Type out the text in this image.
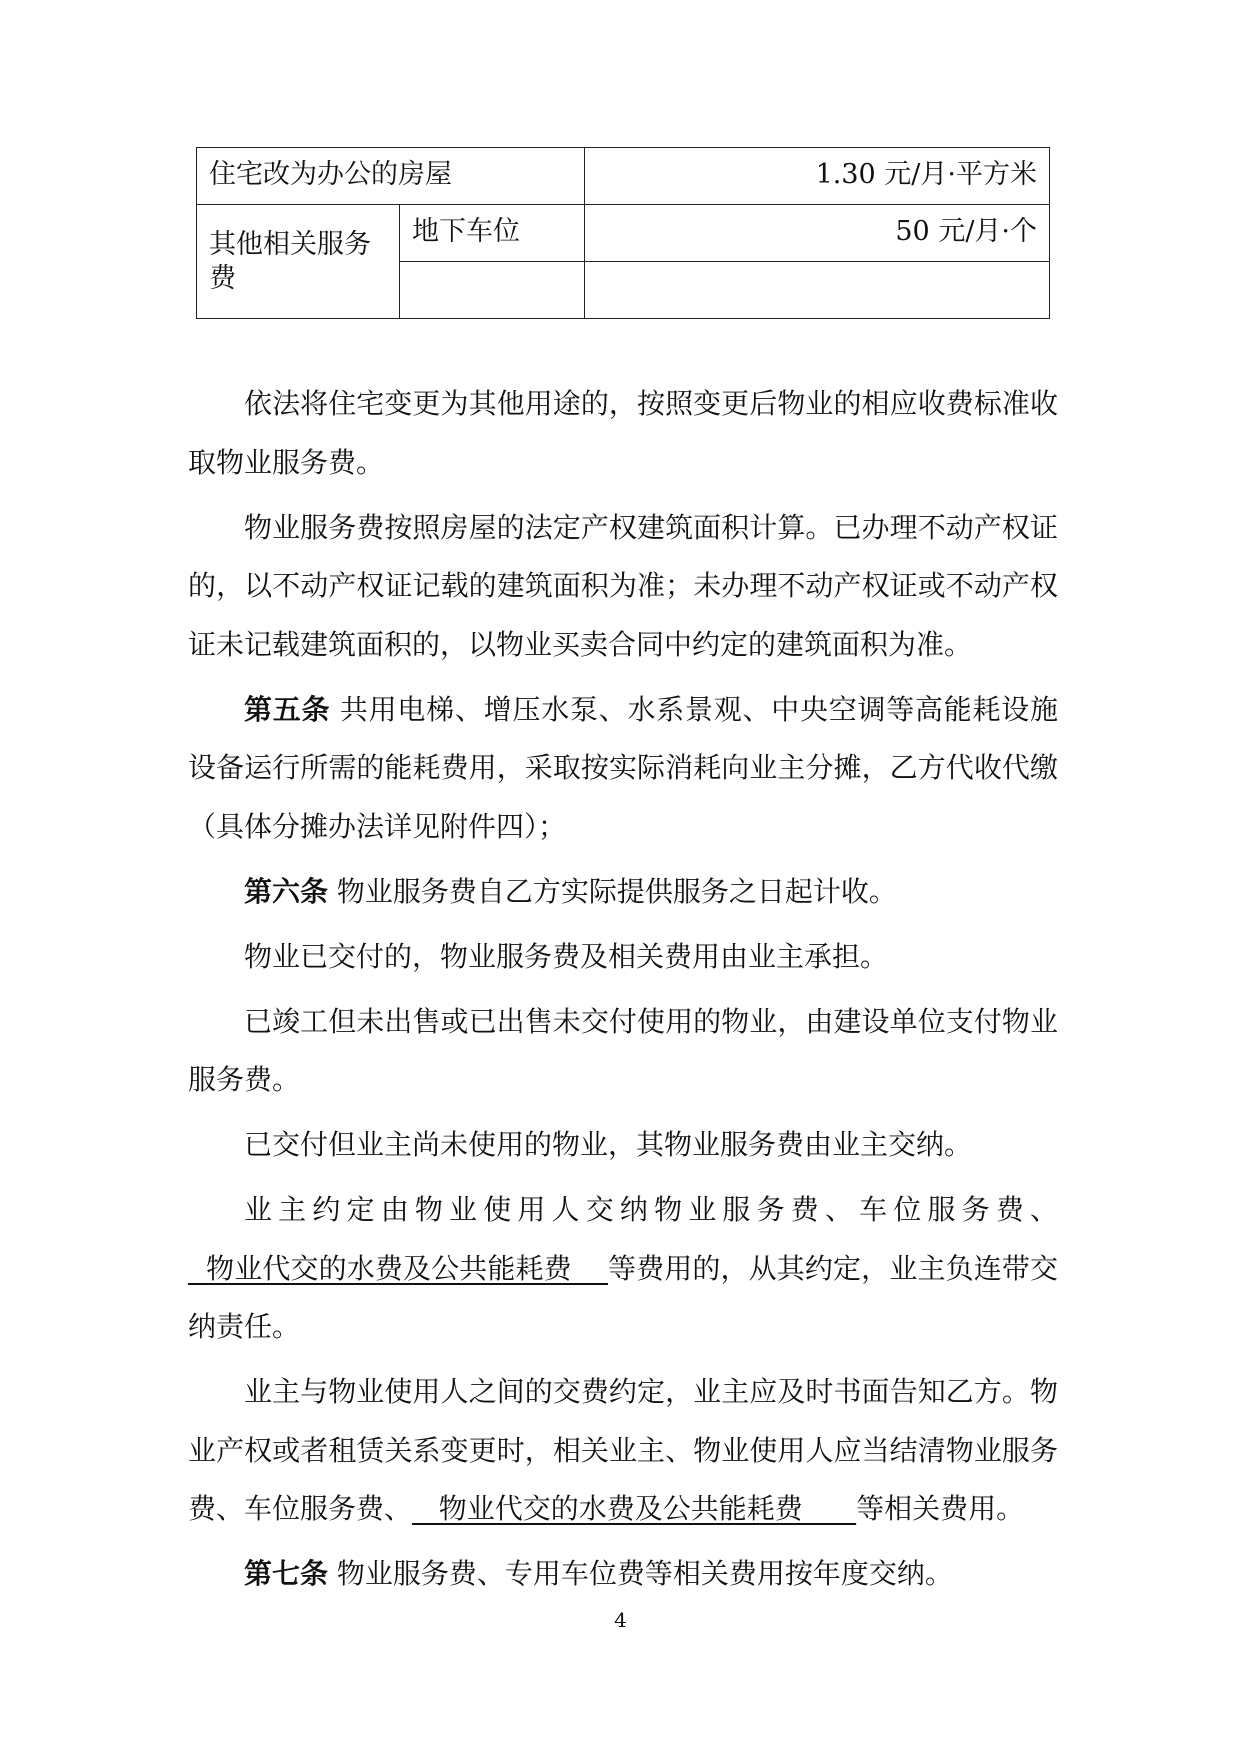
住宅改为办公的房屋		1.30 元/月·平方米

其他相关服务费	地下车位	50 元/月·个

依法将住宅变更为其他用途的，按照变更后物业的相应收费标准收取物业服务费。

物业服务费按照房屋的法定产权建筑面积计算。已办理不动产权证的，以不动产权证记载的建筑面积为准；未办理不动产权证或不动产权证未记载建筑面积的，以物业买卖合同中约定的建筑面积为准。

第五条 共用电梯、增压水泵、水系景观、中央空调等高能耗设施设备运行所需的能耗费用，采取按实际消耗向业主分摊，乙方代收代缴（具体分摊办法详见附件四）；

第六条 物业服务费自乙方实际提供服务之日起计收。

物业已交付的，物业服务费及相关费用由业主承担。

已竣工但未出售或已出售未交付使用的物业，由建设单位支付物业服务费。

已交付但业主尚未使用的物业，其物业服务费由业主交纳。

业主约定由物业使用人交纳物业服务费、车位服务费、  物业代交的水费及公共能耗费    等费用的，从其约定，业主负连带交纳责任。

业主与物业使用人之间的交费约定，业主应及时书面告知乙方。物业产权或者租赁关系变更时，相关业主、物业使用人应当结清物业服务费、车位服务费、   物业代交的水费及公共能耗费      等相关费用。

第七条 物业服务费、专用车位费等相关费用按年度交纳。

4
